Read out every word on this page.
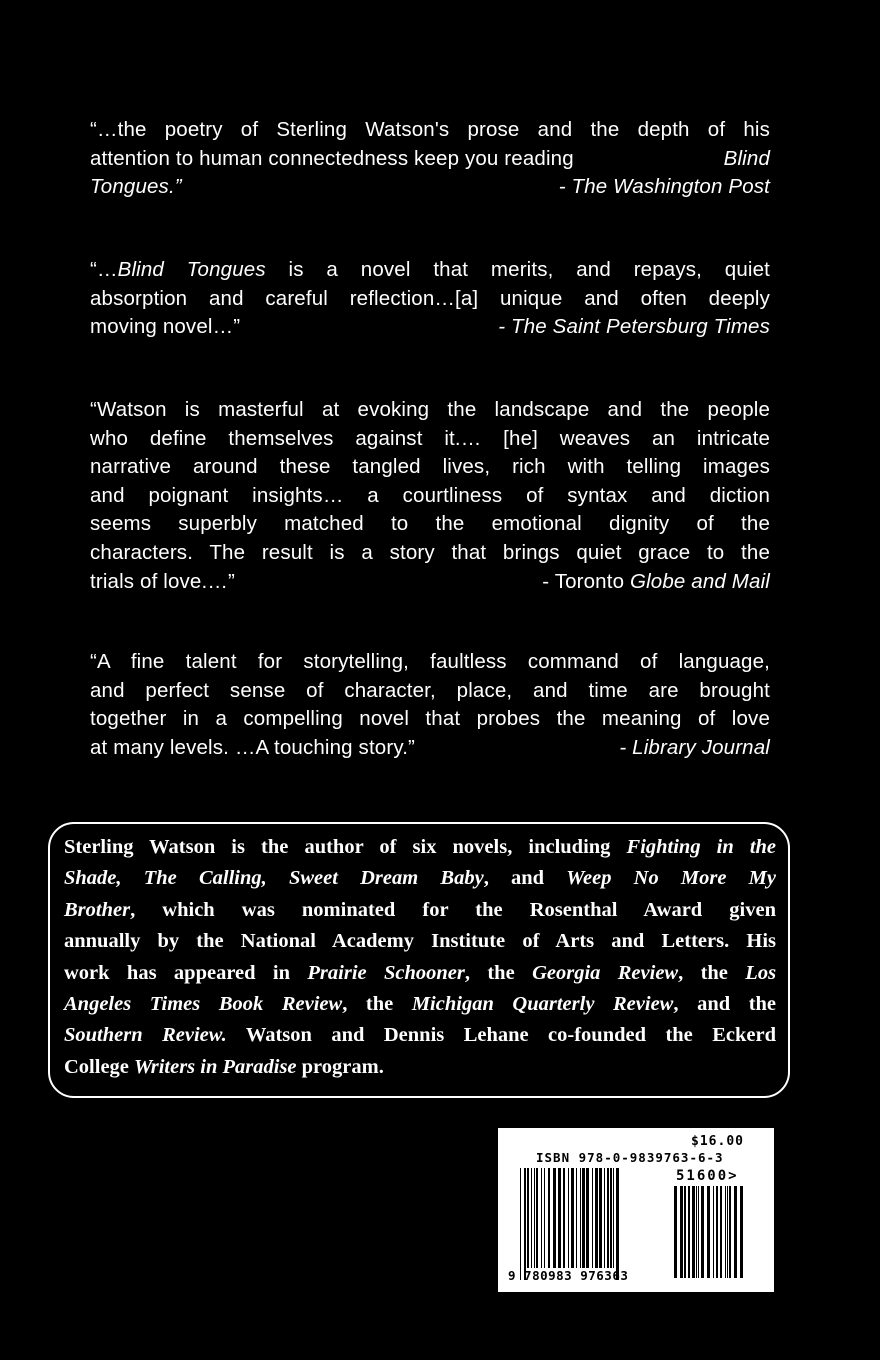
“…the poetry of Sterling Watson's prose and the depth of his
attention to human connectedness keep you reading	Blind
Tongues.”	- The Washington Post
“…Blind Tongues is a novel that merits, and repays, quiet
absorption and careful reflection…[a] unique and often deeply
moving novel…”	- The Saint Petersburg Times
“Watson is masterful at evoking the landscape and the people
who define themselves against it.… [he] weaves an intricate
narrative around these tangled lives, rich with telling images
and poignant insights… a courtliness of syntax and diction
seems superbly matched to the emotional dignity of the
characters. The result is a story that brings quiet grace to the
trials of love.…”	- Toronto Globe and Mail
“A fine talent for storytelling, faultless command of language,
and perfect sense of character, place, and time are brought
together in a compelling novel that probes the meaning of love
at many levels. …A touching story.”	- Library Journal
Sterling Watson is the author of six novels, including Fighting in the
Shade, The Calling, Sweet Dream Baby, and Weep No More My
Brother, which was nominated for the Rosenthal Award given
annually by the National Academy Institute of Arts and Letters. His
work has appeared in Prairie Schooner, the Georgia Review, the Los
Angeles Times Book Review, the Michigan Quarterly Review, and the
Southern Review. Watson and Dennis Lehane co-founded the Eckerd
College Writers in Paradise program.
$16.00
ISBN 978-0-9839763-6-3
51600>
9 780983 976363
